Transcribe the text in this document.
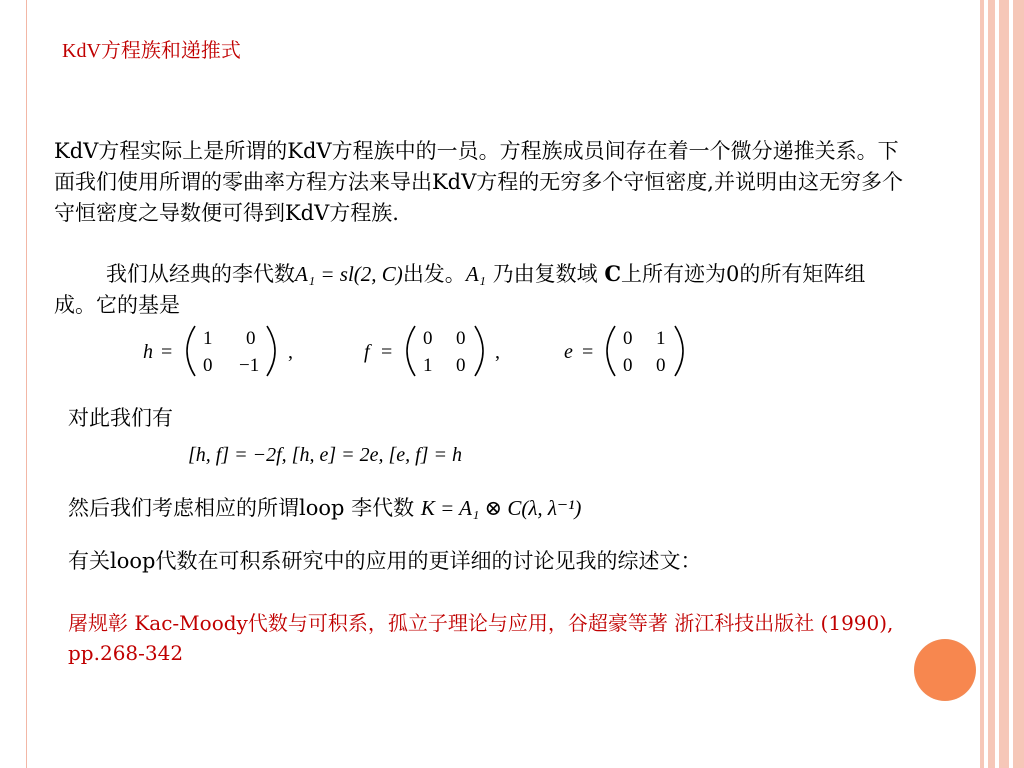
KdV方程族和递推式
KdV方程实际上是所谓的KdV方程族中的一员。方程族成员间存在着一个微分递推关系。下面我们使用所谓的零曲率方程方法来导出KdV方程的无穷多个守恒密度,并说明由这无穷多个守恒密度之导数便可得到KdV方程族.
我们从经典的李代数A₁ = sl(2, C)出发。A₁ 乃由复数域 C上所有迹为0的所有矩阵组成。它的基是
h =
1 0
0 −1
,	f =
0 0
1 0
,	e =
0 1
0 0
对此我们有
[h, f] = −2f, [h, e] = 2e, [e, f] = h
然后我们考虑相应的所谓loop 李代数 K = A₁ ⊗ C(λ, λ⁻¹)
有关loop代数在可积系研究中的应用的更详细的讨论见我的综述文：
屠规彰 Kac-Moody代数与可积系，孤立子理论与应用，谷超豪等著 浙江科技出版社 (1990), pp.268-342
